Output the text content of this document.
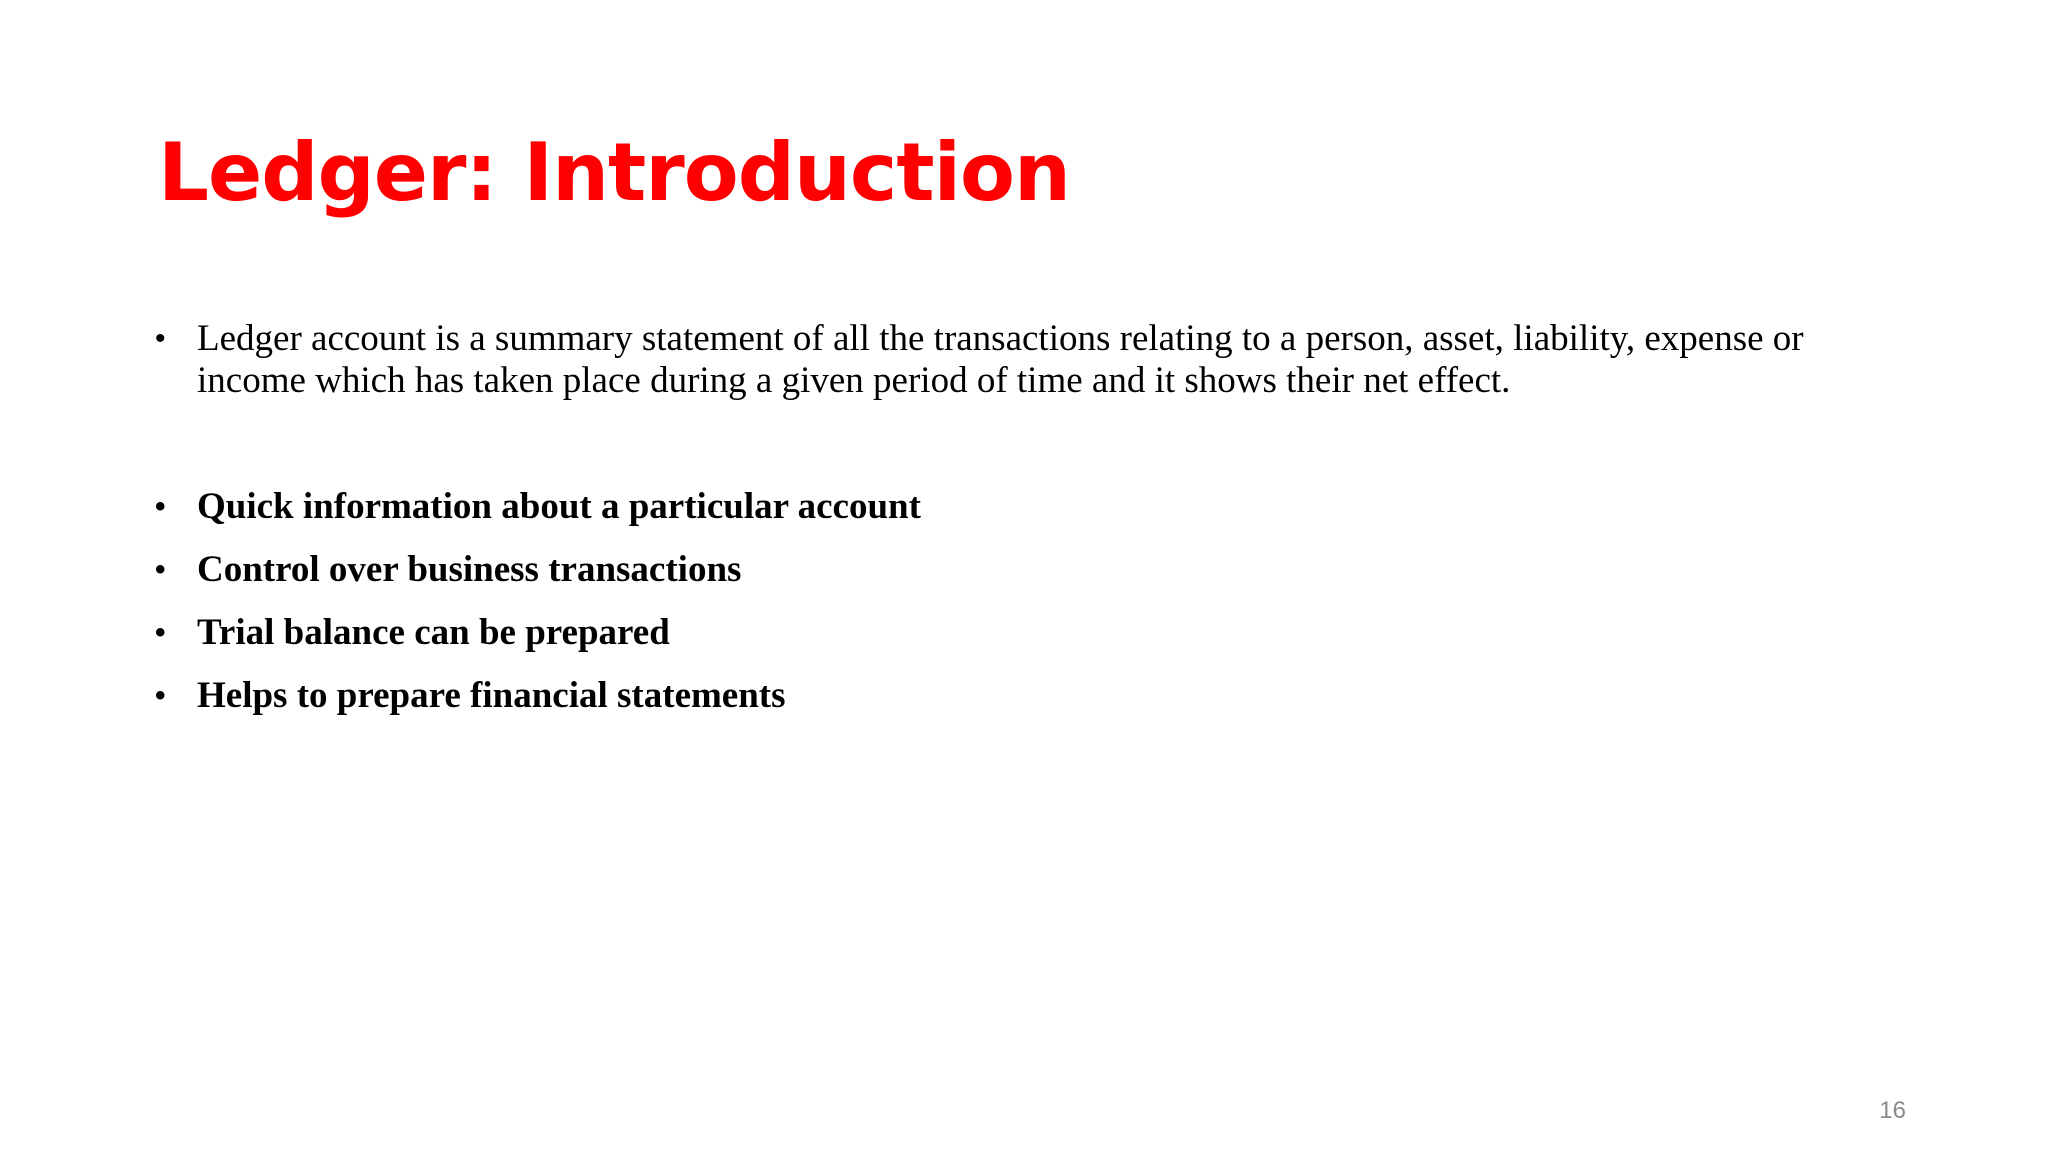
Ledger: Introduction
• Ledger account is a summary statement of all the transactions relating to a person, asset, liability, expense or income which has taken place during a given period of time and it shows their net effect.
• Quick information about a particular account
• Control over business transactions
• Trial balance can be prepared
• Helps to prepare financial statements
16
